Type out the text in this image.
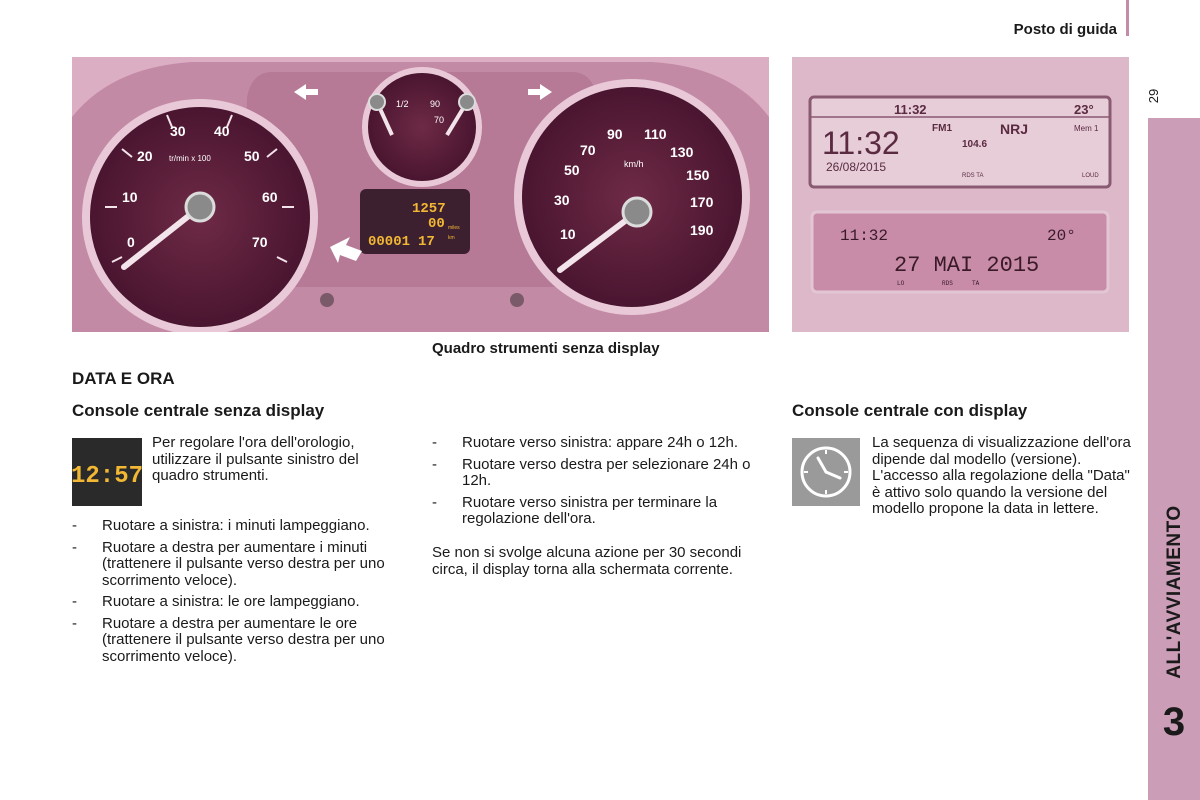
Posto di guida
29
ALL'AVVIAMENTO
3
0
10
20
30 40
50
60
70
tr/min x 100
1/2 90
70
1257
00
00001 17
miles
km	10
30
50
70
90 110
130
150
170
190
km/h
11:32	23°
11:32
26/08/2015
FM1	NRJ
104.6
Mem 1
RDS TA	LOUD
11:32	20°
27 MAI 2015
LO	RDS	TA
Quadro strumenti senza display
DATA E ORA
Console centrale senza display	Console centrale con display
12:57
Per regolare l'ora dell'orologio, utilizzare il pulsante sinistro del quadro strumenti.
- Ruotare a sinistra: i minuti lampeggiano.
- Ruotare a destra per aumentare i minuti (trattenere il pulsante verso destra per uno scorrimento veloce).
- Ruotare a sinistra: le ore lampeggiano.
- Ruotare a destra per aumentare le ore (trattenere il pulsante verso destra per uno scorrimento veloce).
- Ruotare verso sinistra: appare 24h o 12h.
- Ruotare verso destra per selezionare 24h o 12h.
- Ruotare verso sinistra per terminare la regolazione dell'ora.
Se non si svolge alcuna azione per 30 secondi circa, il display torna alla schermata corrente.
La sequenza di visualizzazione dell'ora dipende dal modello (versione). L'accesso alla regolazione della "Data" è attivo solo quando la versione del modello propone la data in lettere.
